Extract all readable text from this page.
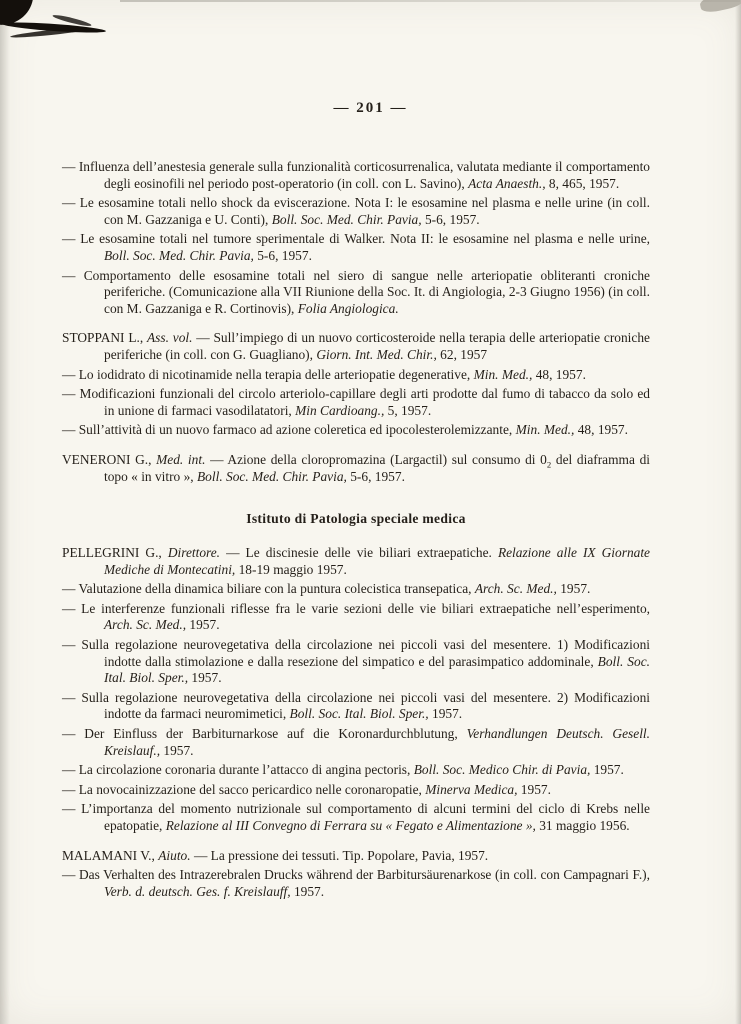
— 201 —

— Influenza dell’anestesia generale sulla funzionalità corticosurrenalica, valutata mediante il comportamento degli eosinofili nel periodo post-operatorio (in coll. con L. Savino), Acta Anaesth., 8, 465, 1957.

— Le esosamine totali nello shock da eviscerazione. Nota I: le esosamine nel plasma e nelle urine (in coll. con M. Gazzaniga e U. Conti), Boll. Soc. Med. Chir. Pavia, 5-6, 1957.

— Le esosamine totali nel tumore sperimentale di Walker. Nota II: le esosamine nel plasma e nelle urine, Boll. Soc. Med. Chir. Pavia, 5-6, 1957.

— Comportamento delle esosamine totali nel siero di sangue nelle arteriopatie obliteranti croniche periferiche. (Comunicazione alla VII Riunione della Soc. It. di Angiologia, 2-3 Giugno 1956) (in coll. con M. Gazzaniga e R. Cortinovis), Folia Angiologica.

STOPPANI L., Ass. vol. — Sull’impiego di un nuovo corticosteroide nella terapia delle arteriopatie croniche periferiche (in coll. con G. Guagliano), Giorn. Int. Med. Chir., 62, 1957

— Lo iodidrato di nicotinamide nella terapia delle arteriopatie degenerative, Min. Med., 48, 1957.

— Modificazioni funzionali del circolo arteriolo-capillare degli arti prodotte dal fumo di tabacco da solo ed in unione di farmaci vasodilatatori, Min Cardioang., 5, 1957.

— Sull’attività di un nuovo farmaco ad azione coleretica ed ipocolesterolemizzante, Min. Med., 48, 1957.

VENERONI G., Med. int. — Azione della cloropromazina (Largactil) sul consumo di $0_2$ del diaframma di topo « in vitro », Boll. Soc. Med. Chir. Pavia, 5-6, 1957.

Istituto di Patologia speciale medica

PELLEGRINI G., Direttore. — Le discinesie delle vie biliari extraepatiche. Relazione alle IX Giornate Mediche di Montecatini, 18-19 maggio 1957.

— Valutazione della dinamica biliare con la puntura colecistica transepatica, Arch. Sc. Med., 1957.

— Le interferenze funzionali riflesse fra le varie sezioni delle vie biliari extraepatiche nell’esperimento, Arch. Sc. Med., 1957.

— Sulla regolazione neurovegetativa della circolazione nei piccoli vasi del mesentere. 1) Modificazioni indotte dalla stimolazione e dalla resezione del simpatico e del parasimpatico addominale, Boll. Soc. Ital. Biol. Sper., 1957.

— Sulla regolazione neurovegetativa della circolazione nei piccoli vasi del mesentere. 2) Modificazioni indotte da farmaci neuromimetici, Boll. Soc. Ital. Biol. Sper., 1957.

— Der Einfluss der Barbiturnarkose auf die Koronardurchblutung, Verhandlungen Deutsch. Gesell. Kreislauf., 1957.

— La circolazione coronaria durante l’attacco di angina pectoris, Boll. Soc. Medico Chir. di Pavia, 1957.

— La novocainizzazione del sacco pericardico nelle coronaropatie, Minerva Medica, 1957.

— L’importanza del momento nutrizionale sul comportamento di alcuni termini del ciclo di Krebs nelle epatopatie, Relazione al III Convegno di Ferrara su « Fegato e Alimentazione », 31 maggio 1956.

MALAMANI V., Aiuto. — La pressione dei tessuti. Tip. Popolare, Pavia, 1957.

— Das Verhalten des Intrazerebralen Drucks während der Barbitursäurenarkose (in coll. con Campagnari F.), Verb. d. deutsch. Ges. f. Kreislauff, 1957.
